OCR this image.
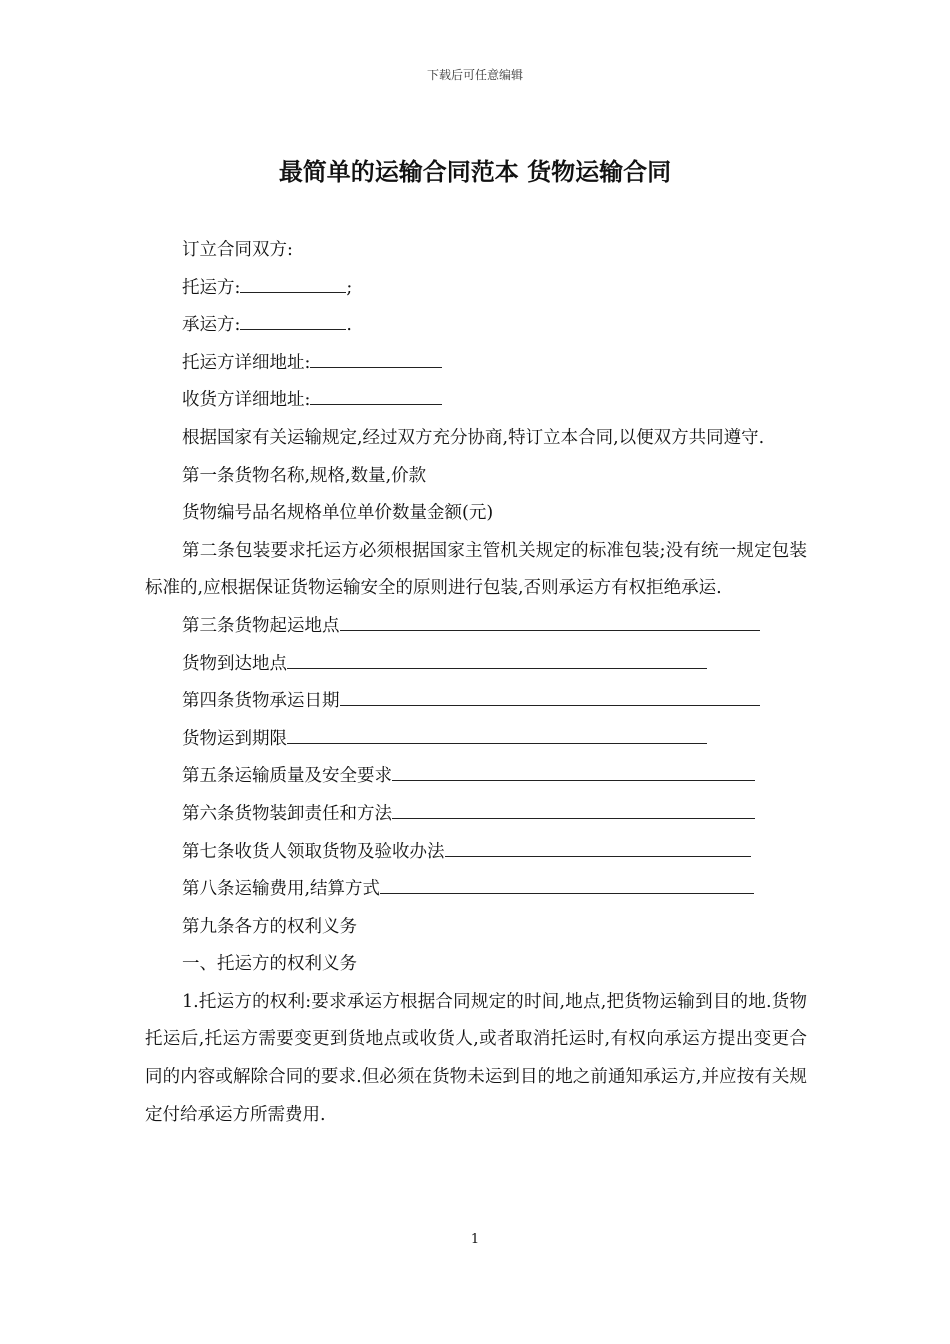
下载后可任意编辑
最简单的运输合同范本 货物运输合同

订立合同双方:

托运方:	;

承运方:	.

托运方详细地址:

收货方详细地址:

根据国家有关运输规定,经过双方充分协商,特订立本合同,以便双方共同遵守.

第一条货物名称,规格,数量,价款

货物编号品名规格单位单价数量金额(元)

第二条包装要求托运方必须根据国家主管机关规定的标准包装;没有统一规定包装标准的,应根据保证货物运输安全的原则进行包装,否则承运方有权拒绝承运.

第三条货物起运地点

货物到达地点

第四条货物承运日期

货物运到期限

第五条运输质量及安全要求

第六条货物装卸责任和方法

第七条收货人领取货物及验收办法

第八条运输费用,结算方式

第九条各方的权利义务

一、托运方的权利义务

1.托运方的权利:要求承运方根据合同规定的时间,地点,把货物运输到目的地.货物托运后,托运方需要变更到货地点或收货人,或者取消托运时,有权向承运方提出变更合同的内容或解除合同的要求.但必须在货物未运到目的地之前通知承运方,并应按有关规定付给承运方所需费用.

1
